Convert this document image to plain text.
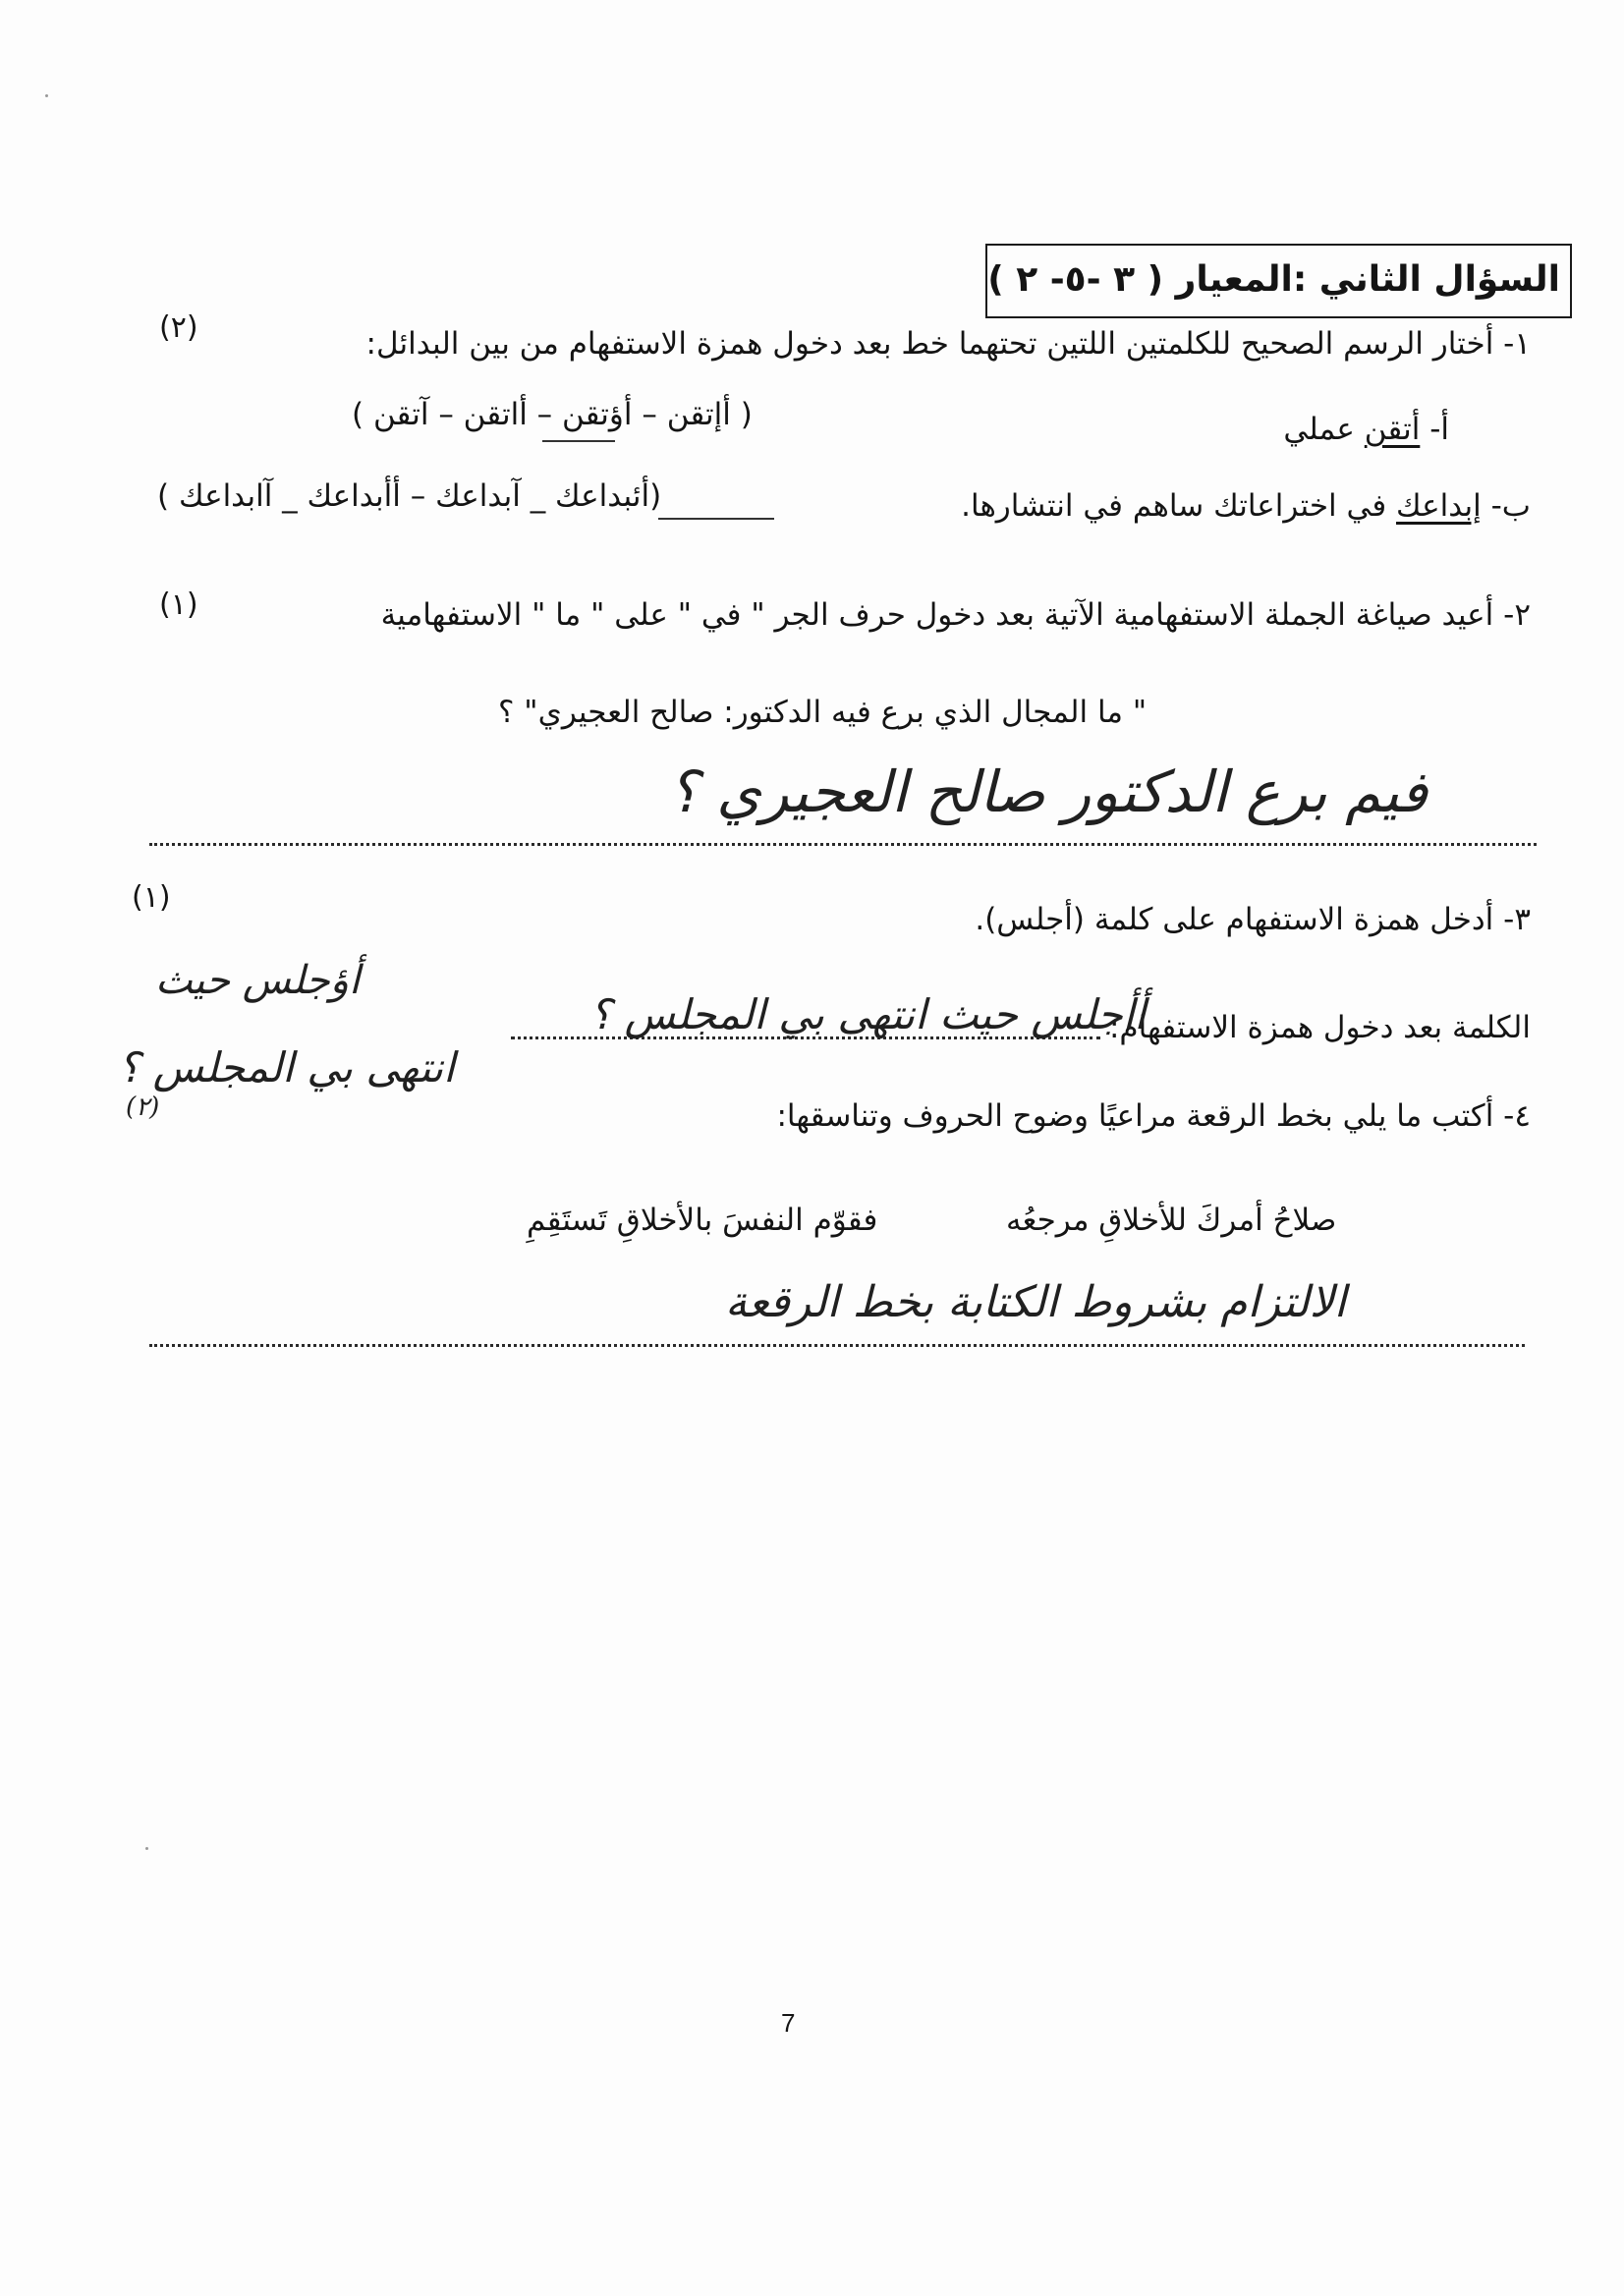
السؤال الثاني :المعيار ( ٣ -٥- ٢ )
١- أختار الرسم الصحيح للكلمتين اللتين تحتهما خط بعد دخول همزة الاستفهام من بين البدائل:
(٢)
أ- أتقن عملي
( أإتقن – أؤتقن – أاتقن – آتقن )
ب- إبداعك في اختراعاتك ساهم في انتشارها.
(أئبداعك _ آبداعك – أأبداعك _ آابداعك )
٢- أعيد صياغة الجملة الاستفهامية الآتية بعد دخول حرف الجر " في " على " ما " الاستفهامية
(١)
" ما المجال الذي برع فيه الدكتور: صالح العجيري" ؟
فيم برع الدكتور صالح العجيري ؟
(١)
٣- أدخل همزة الاستفهام على كلمة (أجلس).
الكلمة بعد دخول همزة الاستفهام:
أأجلس حيث انتهى بي المجلس ؟
أؤجلس حيث
انتهى بي المجلس ؟
(٢)	٤- أكتب ما يلي بخط الرقعة مراعيًا وضوح الحروف وتناسقها:
صلاحُ أمركَ للأخلاقِ مرجعُه
فقوّم النفسَ بالأخلاقِ تَستَقِمِ
الالتزام بشروط الكتابة بخط الرقعة
7
